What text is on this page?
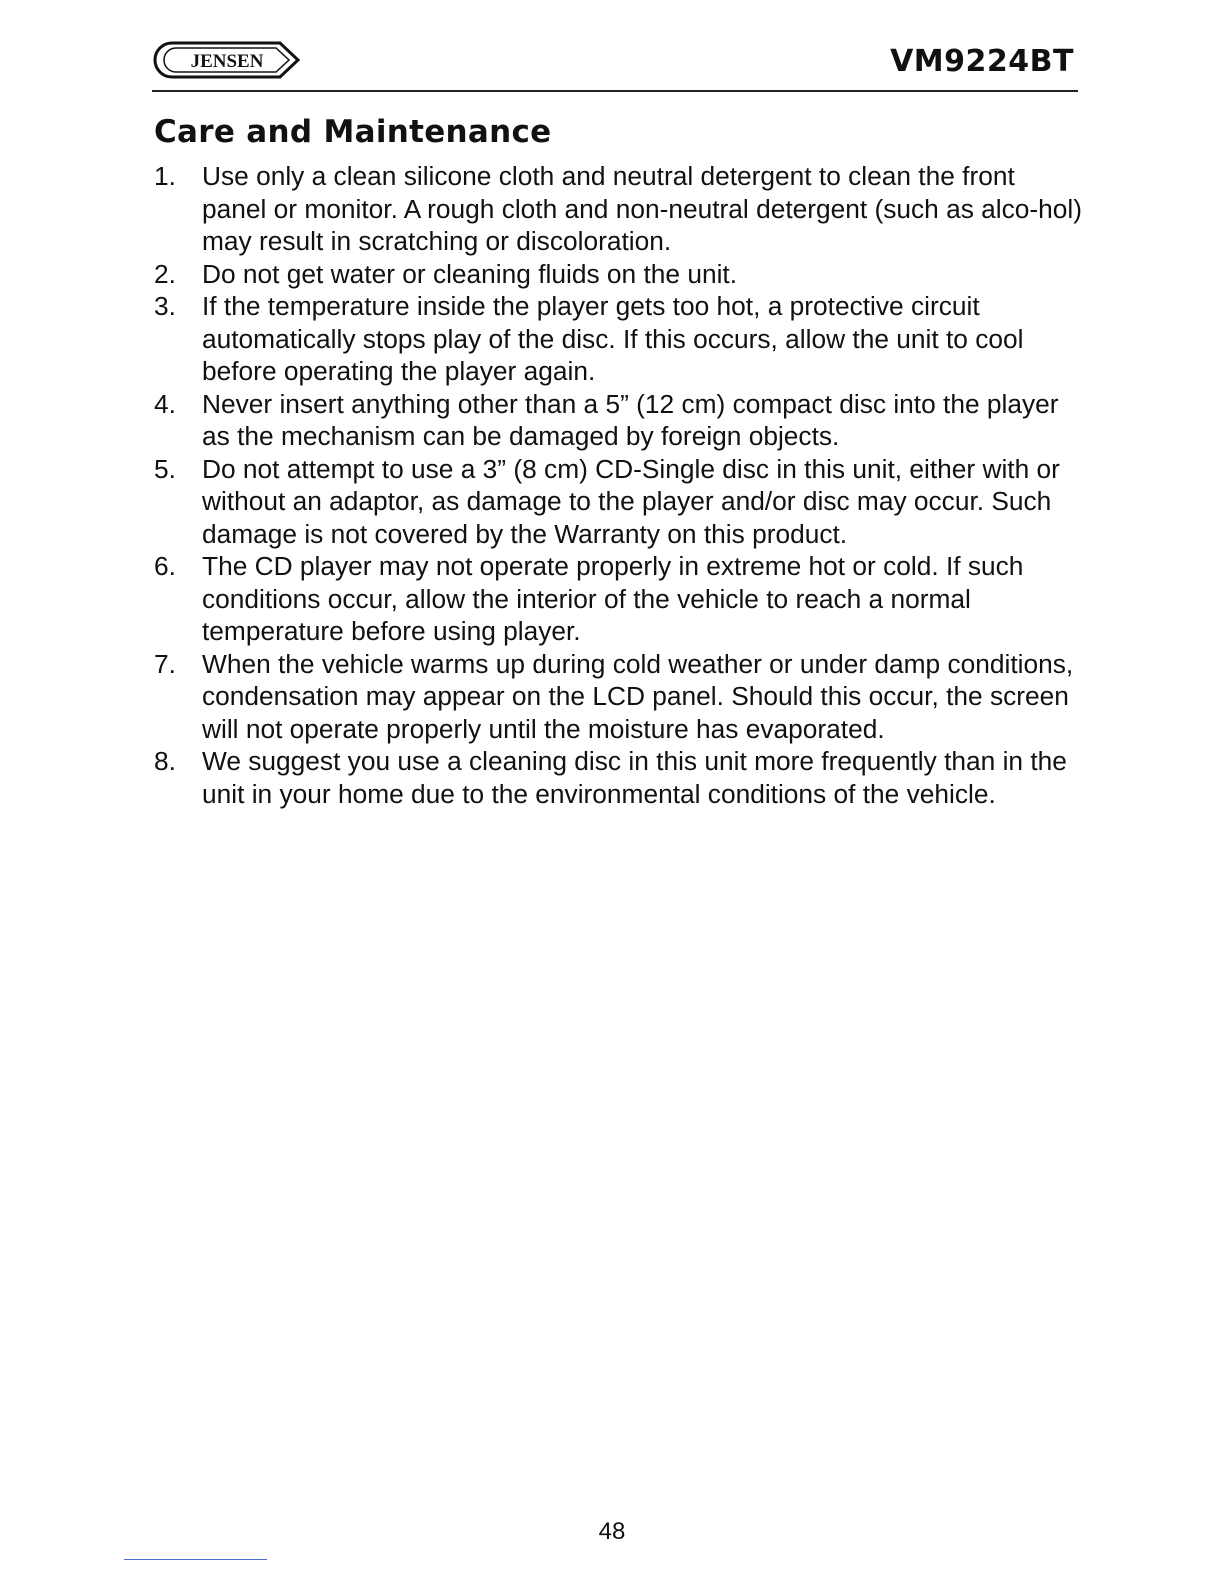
JENSEN	VM9224BT
Care and Maintenance
1. Use only a clean silicone cloth and neutral detergent to clean the front panel or monitor. A rough cloth and non-neutral detergent (such as alco-hol) may result in scratching or discoloration.
2. Do not get water or cleaning fluids on the unit.
3. If the temperature inside the player gets too hot, a protective circuit automatically stops play of the disc. If this occurs, allow the unit to cool before operating the player again.
4. Never insert anything other than a 5” (12 cm) compact disc into the player as the mechanism can be damaged by foreign objects.
5. Do not attempt to use a 3” (8 cm) CD-Single disc in this unit, either with or without an adaptor, as damage to the player and/or disc may occur. Such damage is not covered by the Warranty on this product.
6. The CD player may not operate properly in extreme hot or cold. If such conditions occur, allow the interior of the vehicle to reach a normal temperature before using player.
7. When the vehicle warms up during cold weather or under damp conditions, condensation may appear on the LCD panel. Should this occur, the screen will not operate properly until the moisture has evaporated.
8. We suggest you use a cleaning disc in this unit more frequently than in the unit in your home due to the environmental conditions of the vehicle.
48
